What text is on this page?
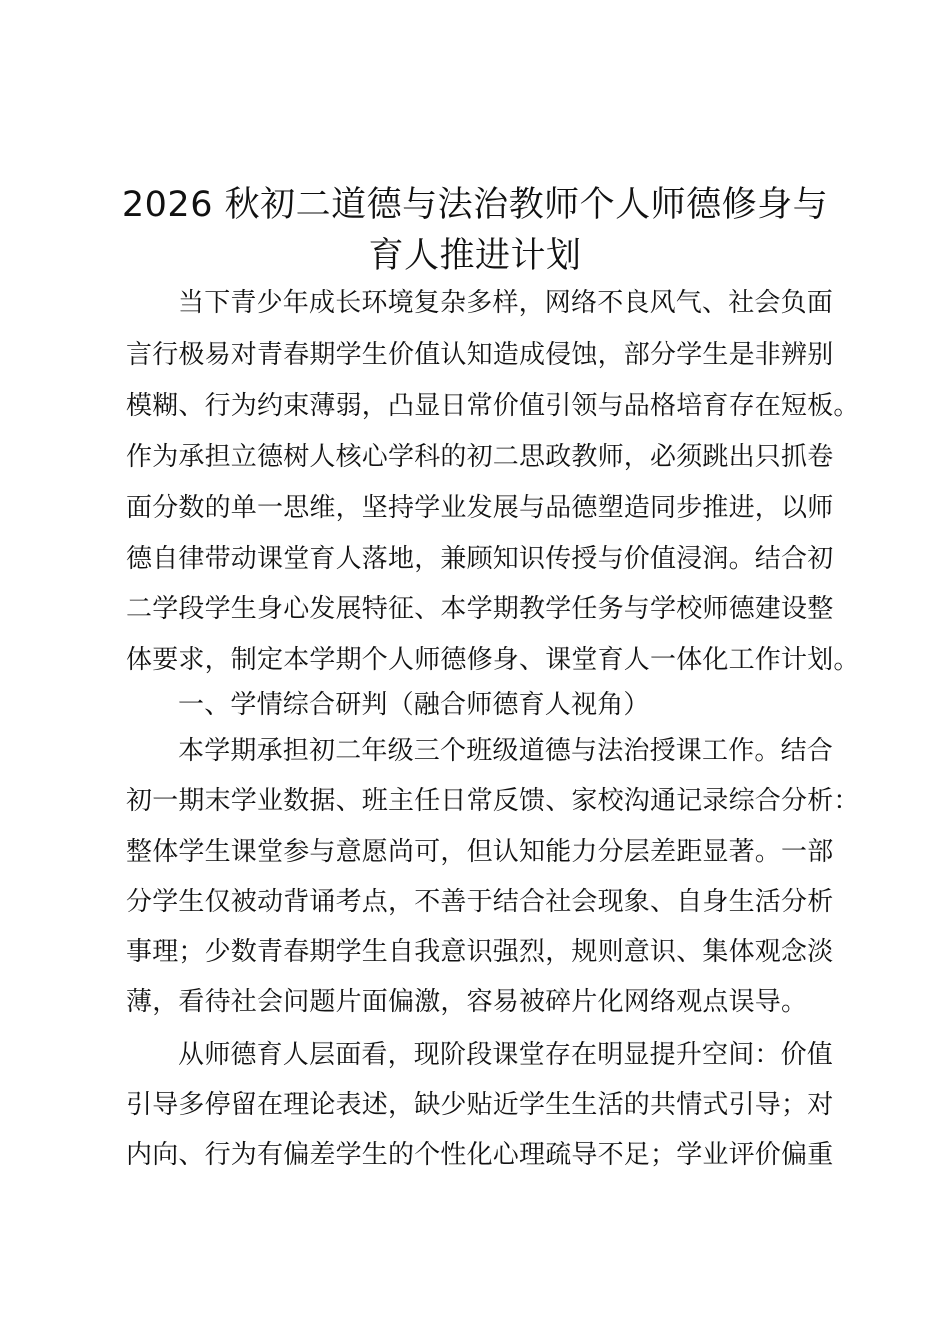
2026 秋初二道德与法治教师个人师德修身与
育人推进计划

当下青少年成长环境复杂多样，网络不良风气、社会负面

言行极易对青春期学生价值认知造成侵蚀，部分学生是非辨别

模糊、行为约束薄弱，凸显日常价值引领与品格培育存在短板。

作为承担立德树人核心学科的初二思政教师，必须跳出只抓卷

面分数的单一思维，坚持学业发展与品德塑造同步推进，以师

德自律带动课堂育人落地，兼顾知识传授与价值浸润。结合初

二学段学生身心发展特征、本学期教学任务与学校师德建设整

体要求，制定本学期个人师德修身、课堂育人一体化工作计划。

一、学情综合研判（融合师德育人视角）

本学期承担初二年级三个班级道德与法治授课工作。结合

初一期末学业数据、班主任日常反馈、家校沟通记录综合分析：

整体学生课堂参与意愿尚可，但认知能力分层差距显著。一部

分学生仅被动背诵考点，不善于结合社会现象、自身生活分析

事理；少数青春期学生自我意识强烈，规则意识、集体观念淡

薄，看待社会问题片面偏激，容易被碎片化网络观点误导。

从师德育人层面看，现阶段课堂存在明显提升空间：价值

引导多停留在理论表述，缺少贴近学生生活的共情式引导；对

内向、行为有偏差学生的个性化心理疏导不足；学业评价偏重
